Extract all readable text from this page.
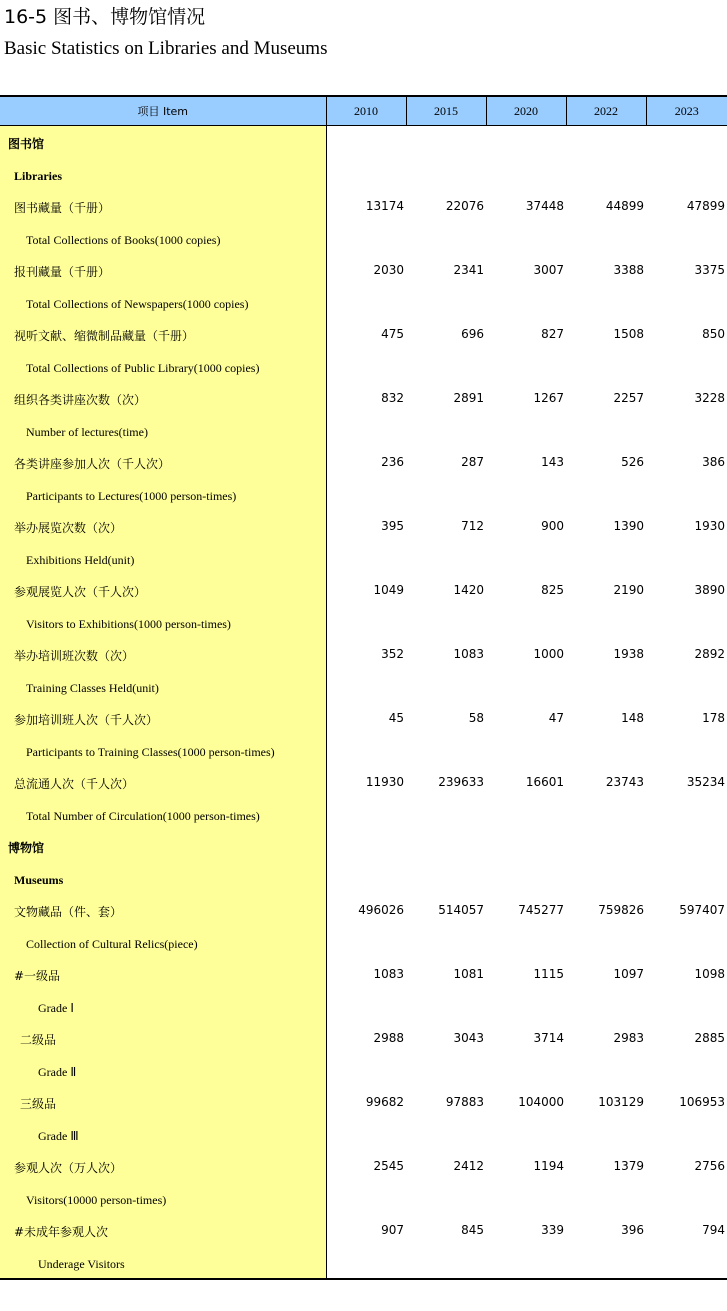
16-5 图书、博物馆情况
Basic Statistics on Libraries and Museums
项目 Item	2010	2015	2020	2022	2023
图书馆					
Libraries					
图书藏量（千册）	13174	22076	37448	44899	47899
Total Collections of Books(1000 copies)					
报刊藏量（千册）	2030	2341	3007	3388	3375
Total Collections of Newspapers(1000 copies)					
视听文献、缩微制品藏量（千册）	475	696	827	1508	850
Total Collections of Public Library(1000 copies)					
组织各类讲座次数（次）	832	2891	1267	2257	3228
Number of lectures(time)					
各类讲座参加人次（千人次）	236	287	143	526	386
Participants to Lectures(1000 person-times)					
举办展览次数（次）	395	712	900	1390	1930
Exhibitions Held(unit)					
参观展览人次（千人次）	1049	1420	825	2190	3890
Visitors to Exhibitions(1000 person-times)					
举办培训班次数（次）	352	1083	1000	1938	2892
Training Classes Held(unit)					
参加培训班人次（千人次）	45	58	47	148	178
Participants to Training Classes(1000 person-times)					
总流通人次（千人次）	11930	239633	16601	23743	35234
Total Number of Circulation(1000 person-times)					
博物馆					
Museums					
文物藏品（件、套）	496026	514057	745277	759826	597407
Collection of Cultural Relics(piece)					
#一级品	1083	1081	1115	1097	1098
Grade Ⅰ					
二级品	2988	3043	3714	2983	2885
Grade Ⅱ					
三级品	99682	97883	104000	103129	106953
Grade Ⅲ					
参观人次（万人次）	2545	2412	1194	1379	2756
Visitors(10000 person-times)					
#未成年参观人次	907	845	339	396	794
Underage Visitors					
